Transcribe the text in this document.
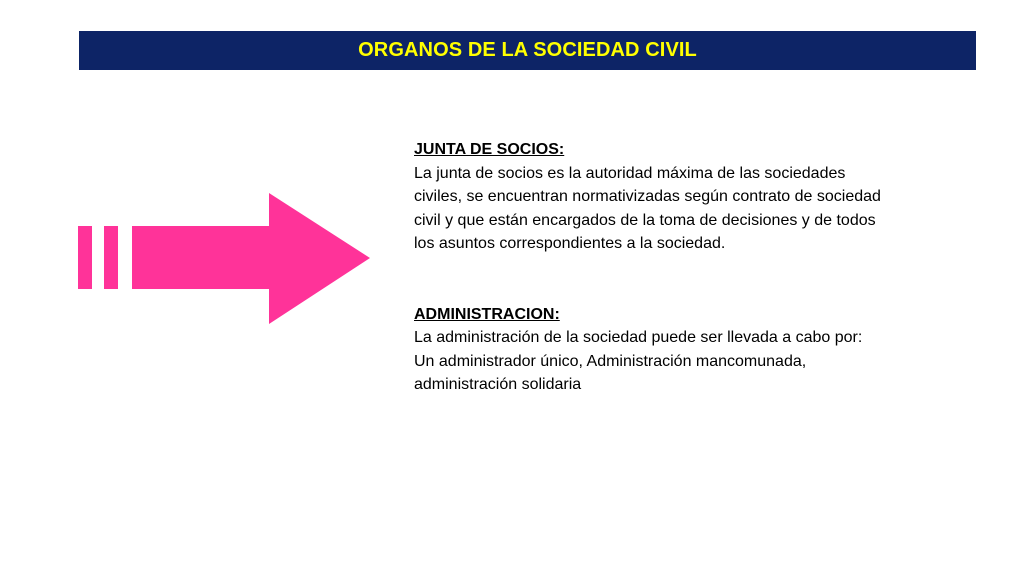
ORGANOS DE LA SOCIEDAD CIVIL
JUNTA DE SOCIOS:
La junta de socios es la autoridad máxima de las sociedades civiles, se encuentran normativizadas según contrato de sociedad civil y que están encargados de la toma de decisiones y de todos los asuntos correspondientes a la sociedad.
ADMINISTRACION:
La administración de la sociedad puede ser llevada a cabo por: Un administrador único, Administración mancomunada, administración solidaria
